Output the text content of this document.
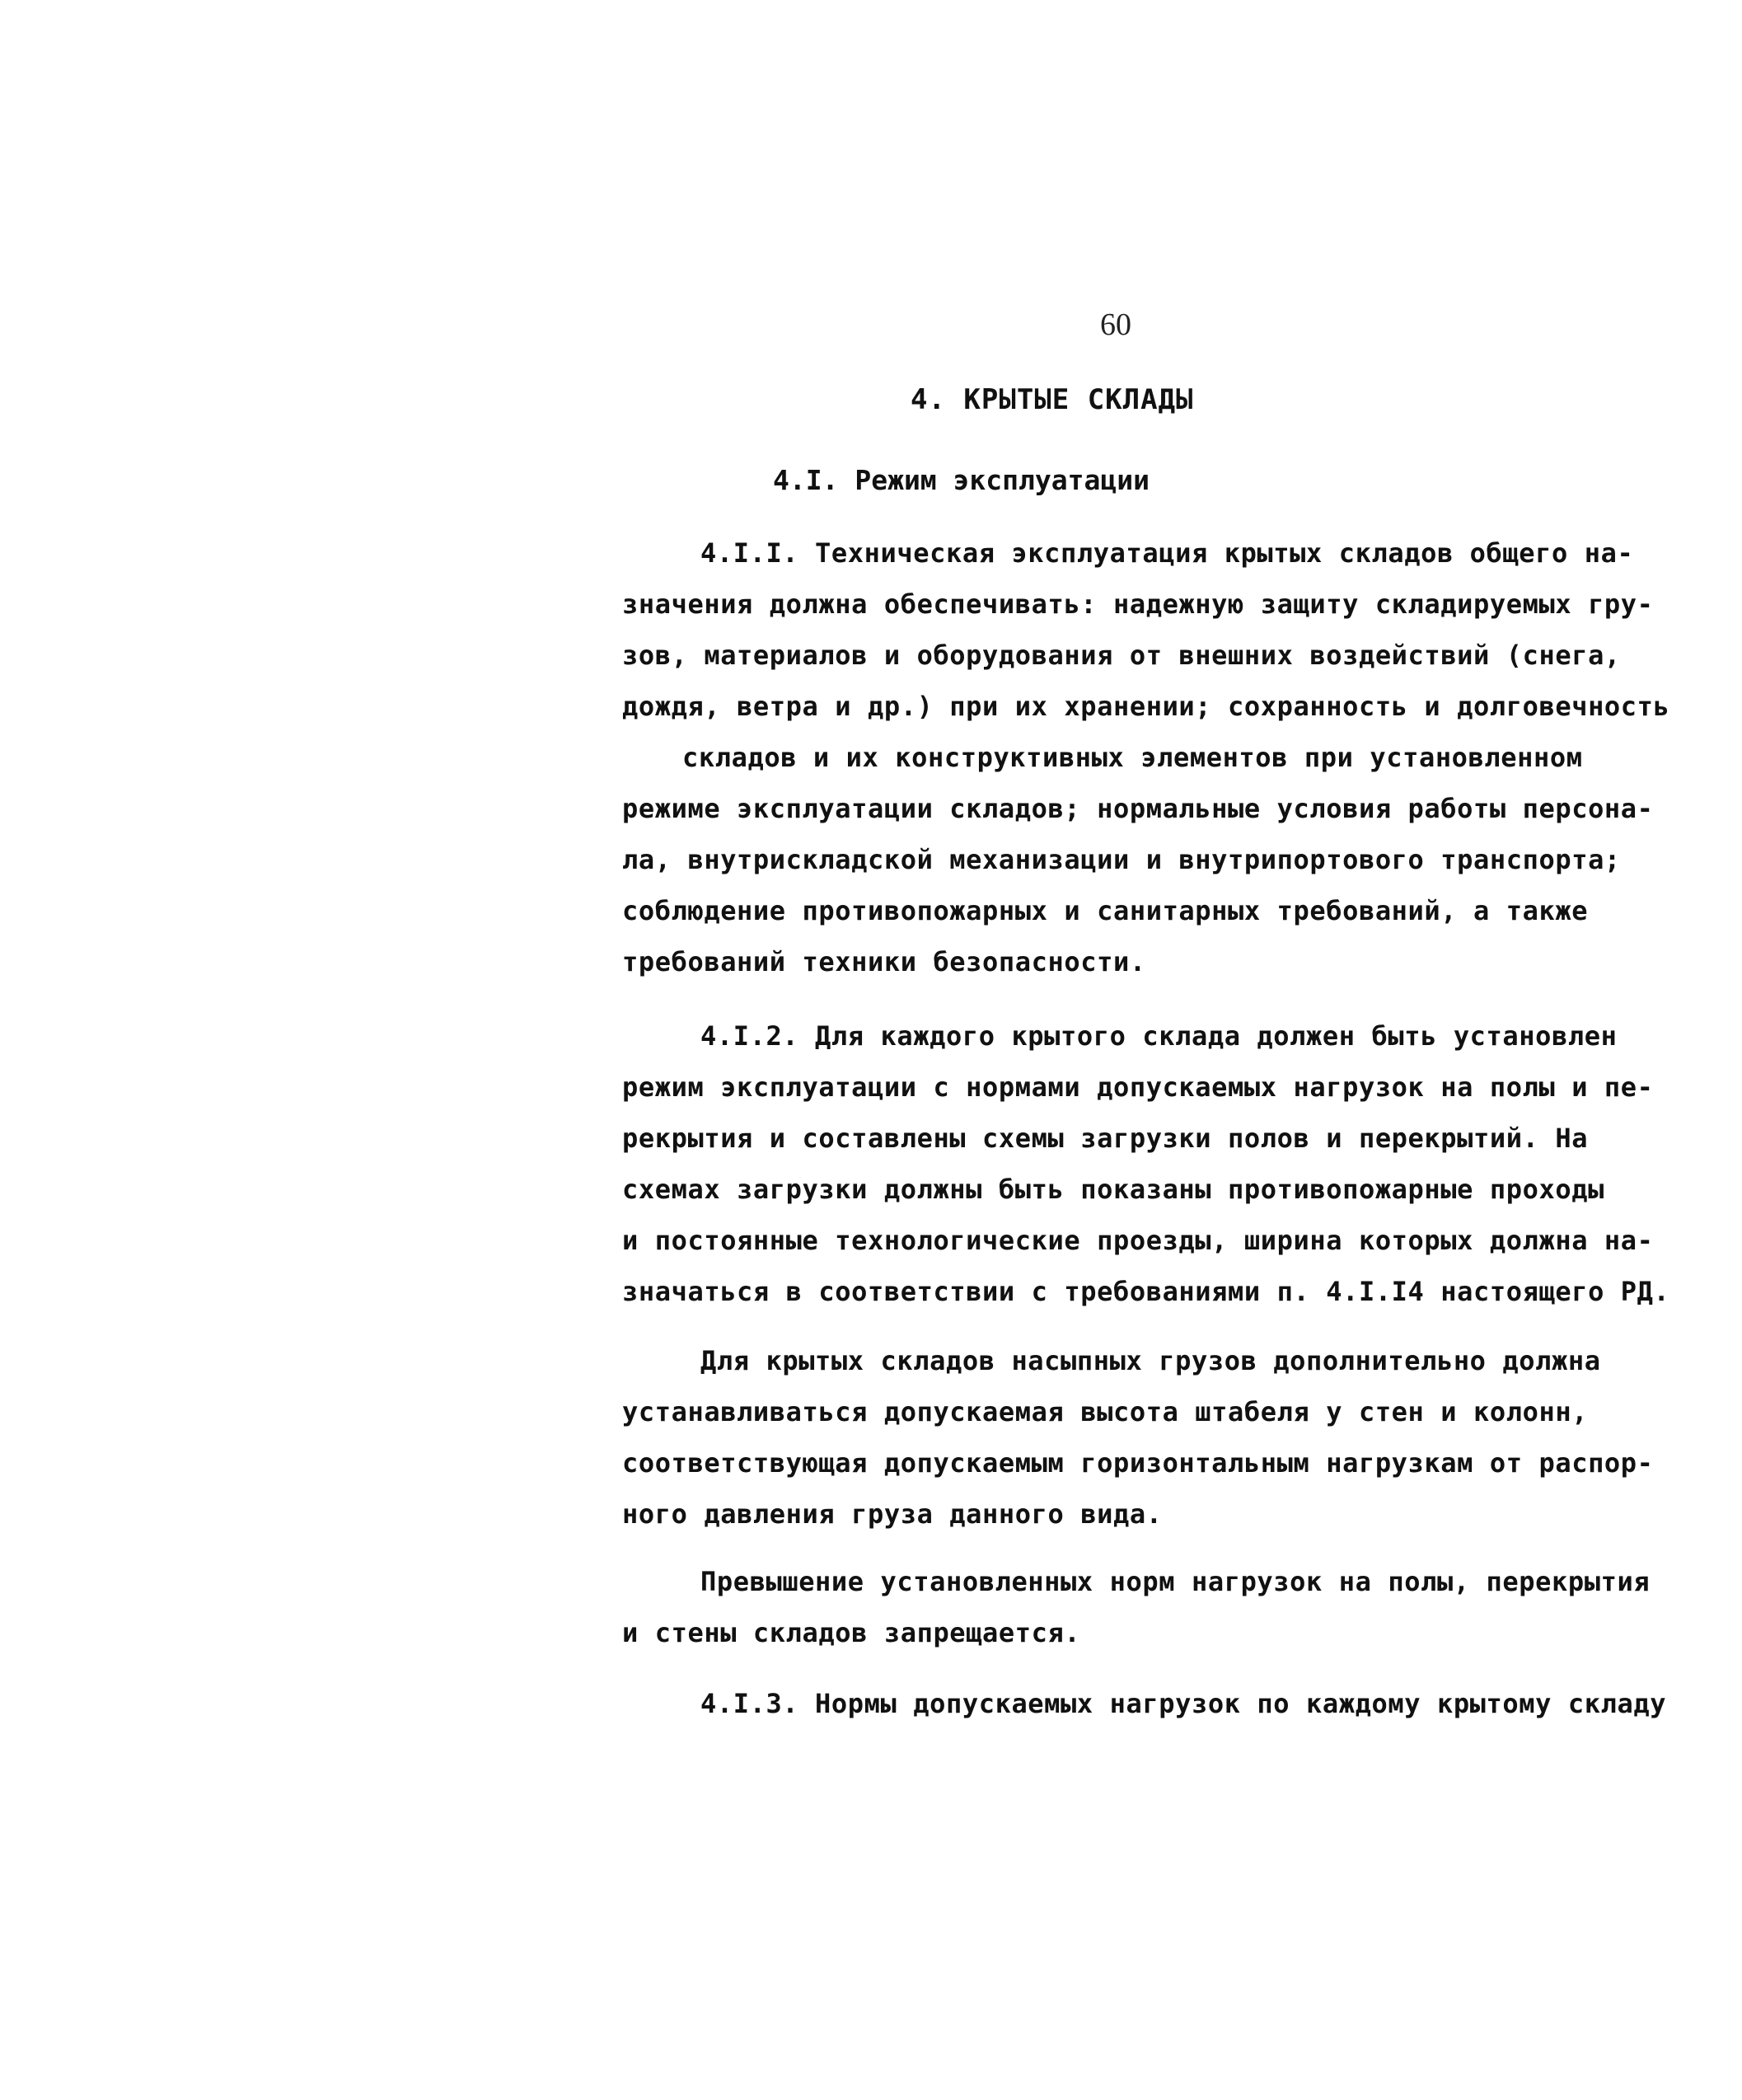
60
4. КРЫТЫЕ СКЛАДЫ
4.I. Режим эксплуатации
4.I.I. Техническая эксплуатация крытых складов общего на-
значения должна обеспечивать: надежную защиту складируемых гру-
зов, материалов и оборудования от внешних воздействий (снега,
дождя, ветра и др.) при их хранении; сохранность и долговечность
складов и их конструктивных элементов при установленном
режиме эксплуатации складов; нормальные условия работы персона-
ла, внутрискладской механизации и внутрипортового транспорта;
соблюдение противопожарных и санитарных требований, а также
требований техники безопасности.
4.I.2. Для каждого крытого склада должен быть установлен
режим эксплуатации с нормами допускаемых нагрузок на полы и пе-
рекрытия и составлены схемы загрузки полов и перекрытий. На
схемах загрузки должны быть показаны противопожарные проходы
и постоянные технологические проезды, ширина которых должна на-
значаться в соответствии с требованиями п. 4.I.I4 настоящего РД.
Для крытых складов насыпных грузов дополнительно должна
устанавливаться допускаемая высота штабеля у стен и колонн,
соответствующая допускаемым горизонтальным нагрузкам от распор-
ного давления груза данного вида.
Превышение установленных норм нагрузок на полы, перекрытия
и стены складов запрещается.
4.I.3. Нормы допускаемых нагрузок по каждому крытому складу
